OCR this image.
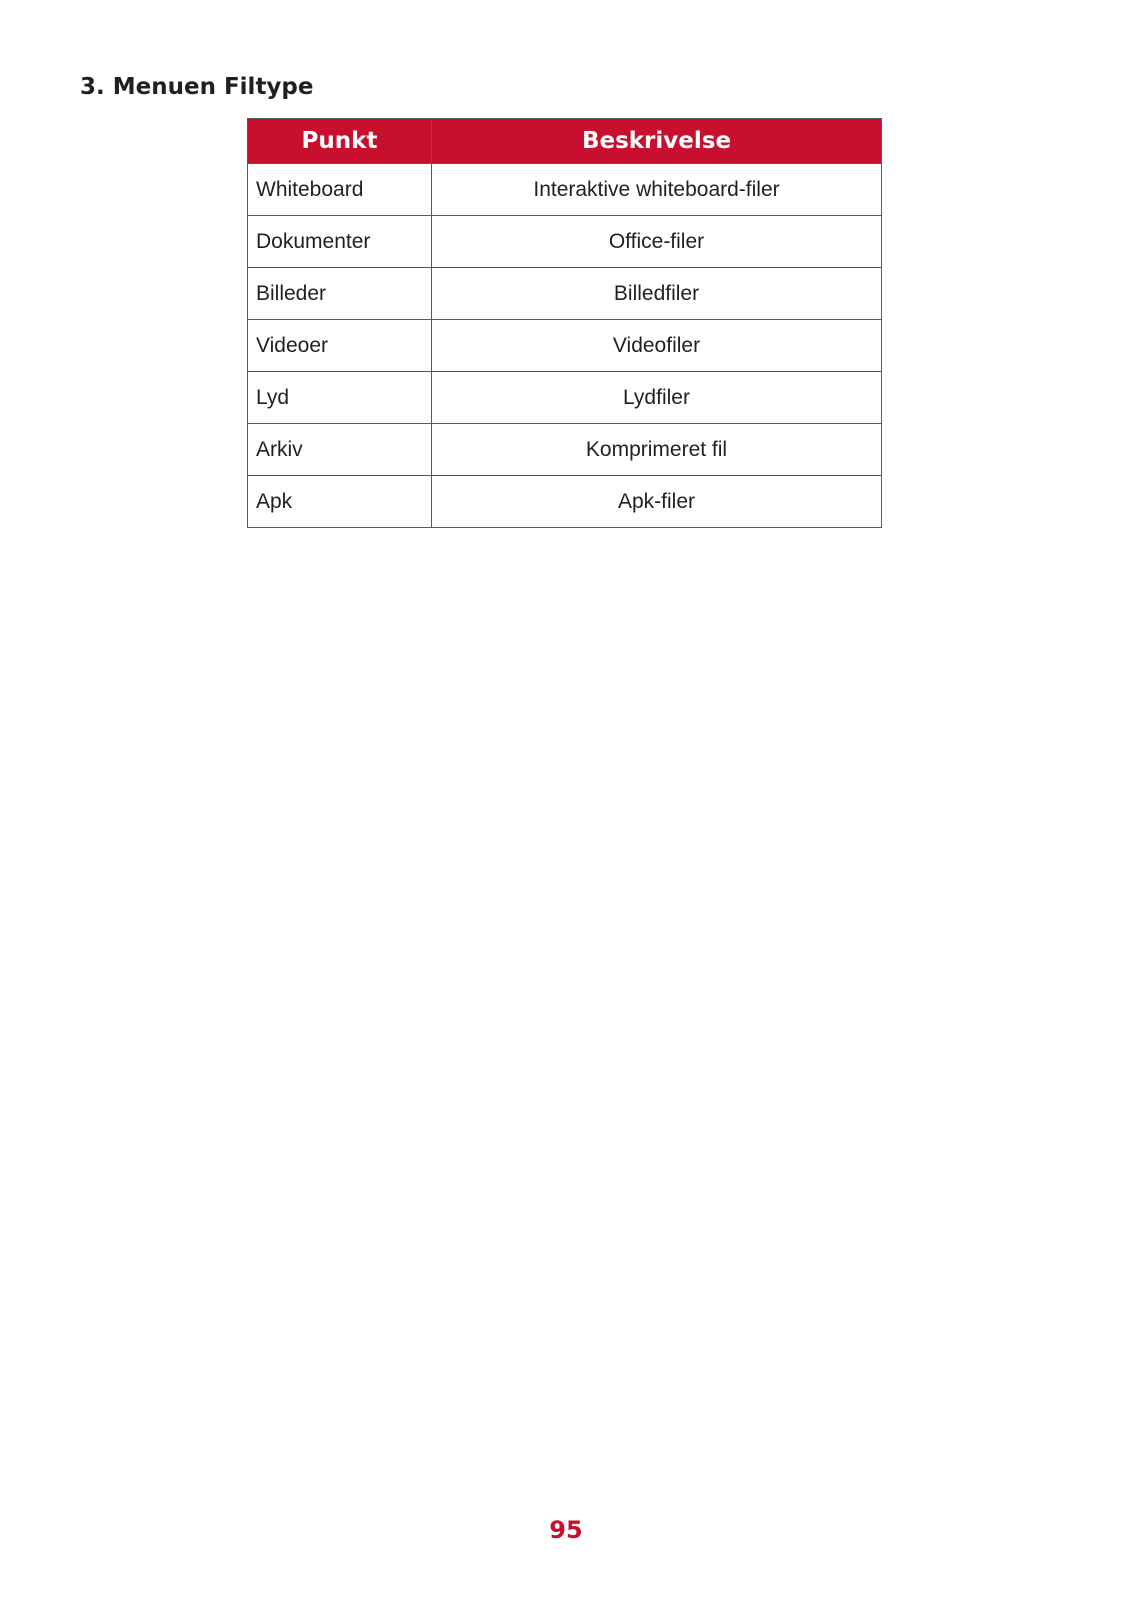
3. Menuen Filtype
Punkt	Beskrivelse
Whiteboard	Interaktive whiteboard-filer
Dokumenter	Office-filer
Billeder	Billedfiler
Videoer	Videofiler
Lyd	Lydfiler
Arkiv	Komprimeret fil
Apk	Apk-filer
95
